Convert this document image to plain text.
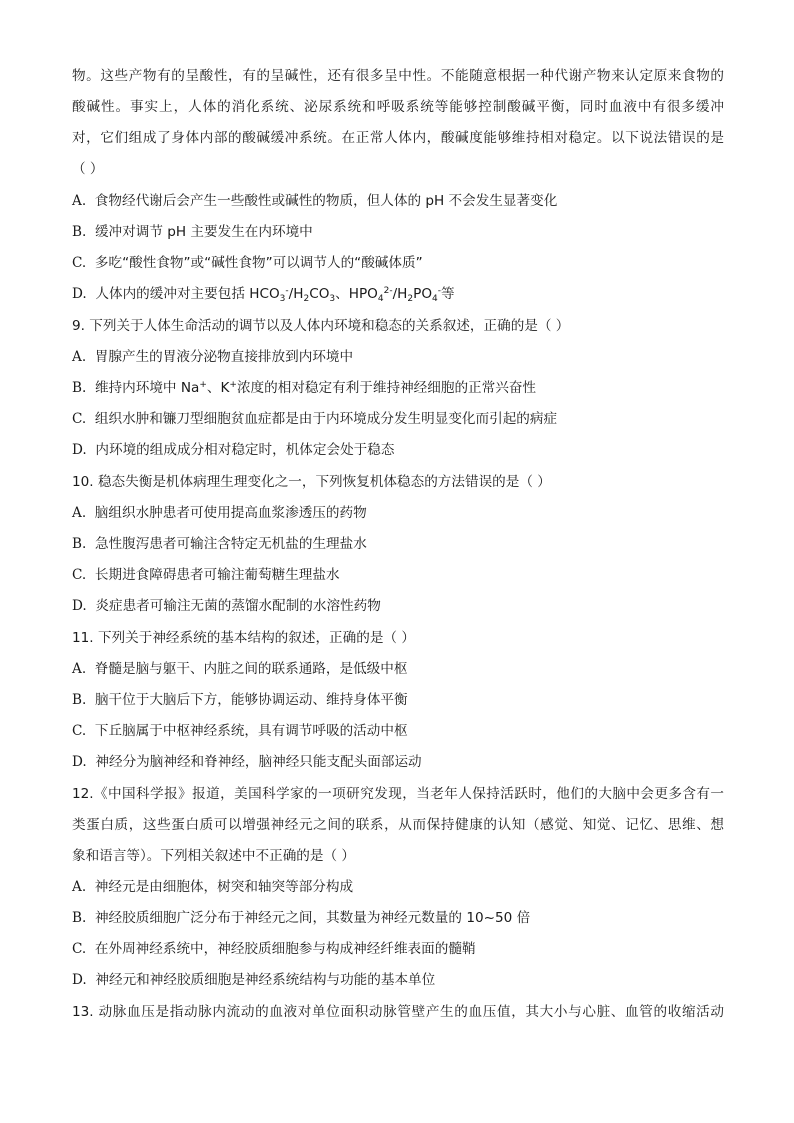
物。这些产物有的呈酸性，有的呈碱性，还有很多呈中性。不能随意根据一种代谢产物来认定原来食物的
酸碱性。事实上，人体的消化系统、泌尿系统和呼吸系统等能够控制酸碱平衡，同时血液中有很多缓冲
对，它们组成了身体内部的酸碱缓冲系统。在正常人体内，酸碱度能够维持相对稳定。以下说法错误的是
（ ）
A. 食物经代谢后会产生一些酸性或碱性的物质，但人体的 pH 不会发生显著变化
B. 缓冲对调节 pH 主要发生在内环境中
C. 多吃“酸性食物”或“碱性食物”可以调节人的“酸碱体质”
D. 人体内的缓冲对主要包括 $HCO_3^-/H_2CO_3$、$HPO_4^{2-}/H_2PO_4^-$等
9. 下列关于人体生命活动的调节以及人体内环境和稳态的关系叙述，正确的是（ ）
A. 胃腺产生的胃液分泌物直接排放到内环境中
B. 维持内环境中 Na+、K+浓度的相对稳定有利于维持神经细胞的正常兴奋性
C. 组织水肿和镰刀型细胞贫血症都是由于内环境成分发生明显变化而引起的病症
D. 内环境的组成成分相对稳定时，机体定会处于稳态
10. 稳态失衡是机体病理生理变化之一，下列恢复机体稳态的方法错误的是（ ）
A. 脑组织水肿患者可使用提高血浆渗透压的药物
B. 急性腹泻患者可输注含特定无机盐的生理盐水
C. 长期进食障碍患者可输注葡萄糖生理盐水
D. 炎症患者可输注无菌的蒸馏水配制的水溶性药物
11. 下列关于神经系统的基本结构的叙述，正确的是（ ）
A. 脊髓是脑与躯干、内脏之间的联系通路，是低级中枢
B. 脑干位于大脑后下方，能够协调运动、维持身体平衡
C. 下丘脑属于中枢神经系统，具有调节呼吸的活动中枢
D. 神经分为脑神经和脊神经，脑神经只能支配头面部运动
12.《中国科学报》报道，美国科学家的一项研究发现，当老年人保持活跃时，他们的大脑中会更多含有一
类蛋白质，这些蛋白质可以增强神经元之间的联系，从而保持健康的认知（感觉、知觉、记忆、思维、想
象和语言等）。下列相关叙述中不正确的是（ ）
A. 神经元是由细胞体，树突和轴突等部分构成
B. 神经胶质细胞广泛分布于神经元之间，其数量为神经元数量的 10~50 倍
C. 在外周神经系统中，神经胶质细胞参与构成神经纤维表面的髓鞘
D. 神经元和神经胶质细胞是神经系统结构与功能的基本单位
13. 动脉血压是指动脉内流动的血液对单位面积动脉管壁产生的血压值，其大小与心脏、血管的收缩活动
